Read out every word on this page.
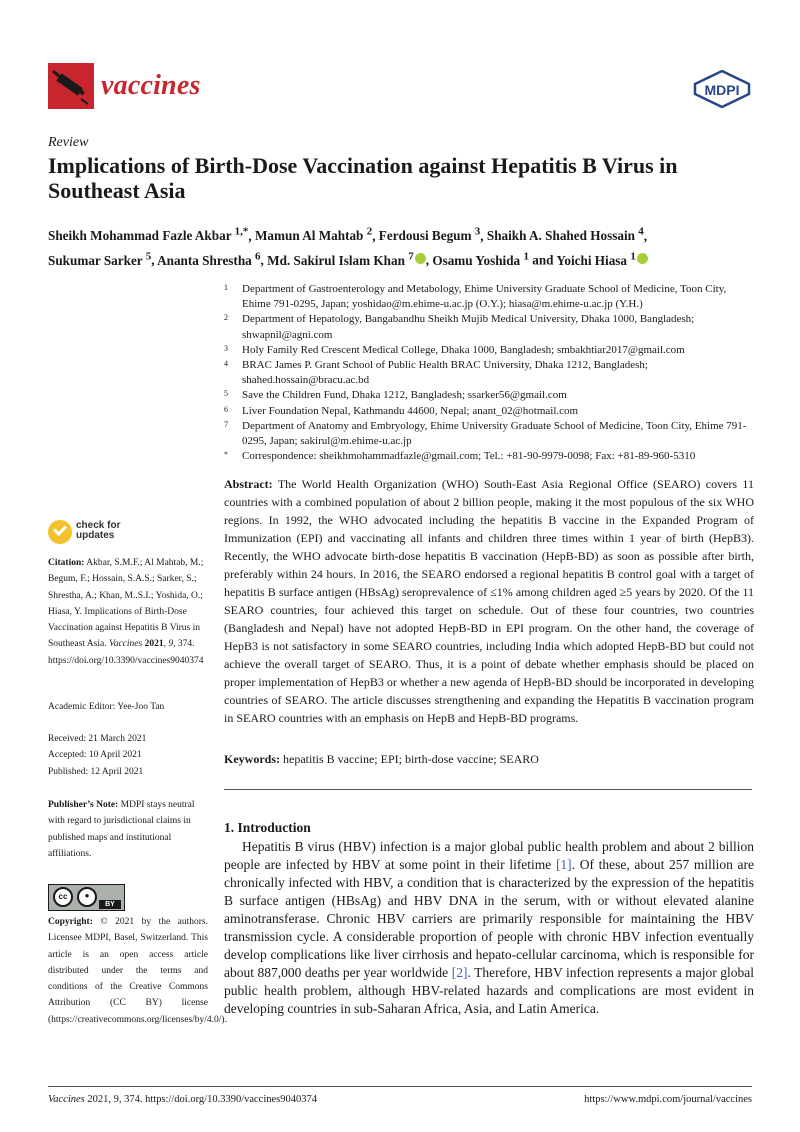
vaccines	MDPI
Review
Implications of Birth-Dose Vaccination against Hepatitis B Virus in Southeast Asia
Sheikh Mohammad Fazle Akbar $^{1,*}$, Mamun Al Mahtab $^2$, Ferdousi Begum $^3$, Shaikh A. Shahed Hossain $^4$,
Sukumar Sarker $^5$, Ananta Shrestha $^6$, Md. Sakirul Islam Khan $^7$ , Osamu Yoshida $^1$ and Yoichi Hiasa $^1$
1 Department of Gastroenterology and Metabology, Ehime University Graduate School of Medicine, Toon City, Ehime 791-0295, Japan; yoshidao@m.ehime-u.ac.jp (O.Y.); hiasa@m.ehime-u.ac.jp (Y.H.)
2 Department of Hepatology, Bangabandhu Sheikh Mujib Medical University, Dhaka 1000, Bangladesh; shwapnil@agni.com
3 Holy Family Red Crescent Medical College, Dhaka 1000, Bangladesh; smbakhtiar2017@gmail.com
4 BRAC James P. Grant School of Public Health BRAC University, Dhaka 1212, Bangladesh; shahed.hossain@bracu.ac.bd
5 Save the Children Fund, Dhaka 1212, Bangladesh; ssarker56@gmail.com
6 Liver Foundation Nepal, Kathmandu 44600, Nepal; anant_02@hotmail.com
7 Department of Anatomy and Embryology, Ehime University Graduate School of Medicine, Toon City, Ehime 791-0295, Japan; sakirul@m.ehime-u.ac.jp
* Correspondence: sheikhmohammadfazle@gmail.com; Tel.: +81-90-9979-0098; Fax: +81-89-960-5310
Abstract: The World Health Organization (WHO) South-East Asia Regional Office (SEARO) covers 11 countries with a combined population of about 2 billion people, making it the most populous of the six WHO regions. In 1992, the WHO advocated including the hepatitis B vaccine in the Expanded Program of Immunization (EPI) and vaccinating all infants and children three times within 1 year of birth (HepB3). Recently, the WHO advocate birth-dose hepatitis B vaccination (HepB-BD) as soon as possible after birth, preferably within 24 hours. In 2016, the SEARO endorsed a regional hepatitis B control goal with a target of hepatitis B surface antigen (HBsAg) seroprevalence of ≤1% among children aged ≥5 years by 2020. Of the 11 SEARO countries, four achieved this target on schedule. Out of these four countries, two countries (Bangladesh and Nepal) have not adopted HepB-BD in EPI program. On the other hand, the coverage of HepB3 is not satisfactory in some SEARO countries, including India which adopted HepB-BD but could not achieve the overall target of SEARO. Thus, it is a point of debate whether emphasis should be placed on proper implementation of HepB3 or whether a new agenda of HepB-BD should be incorporated in developing countries of SEARO. The article discusses strengthening and expanding the Hepatitis B vaccination program in SEARO countries with an emphasis on HepB and HepB-BD programs.
Keywords: hepatitis B vaccine; EPI; birth-dose vaccine; SEARO
1. Introduction

Hepatitis B virus (HBV) infection is a major global public health problem and about 2 billion people are infected by HBV at some point in their lifetime [1]. Of these, about 257 million are chronically infected with HBV, a condition that is characterized by the expression of the hepatitis B surface antigen (HBsAg) and HBV DNA in the serum, with or without elevated alanine aminotransferase. Chronic HBV carriers are primarily responsible for maintaining the HBV transmission cycle. A considerable proportion of people with chronic HBV infection eventually develop complications like liver cirrhosis and hepato-cellular carcinoma, which is responsible for about 887,000 deaths per year worldwide [2]. Therefore, HBV infection represents a major global public health problem, although HBV-related hazards and complications are most evident in developing countries in sub-Saharan Africa, Asia, and Latin America.

check for
updates
Citation: Akbar, S.M.F.; Al Mahtab, M.; Begum, F.; Hossain, S.A.S.; Sarker, S.; Shrestha, A.; Khan, M..S.I.; Yoshida, O.; Hiasa, Y. Implications of Birth-Dose Vaccination against Hepatitis B Virus in Southeast Asia. Vaccines 2021, 9, 374. https://doi.org/10.3390/vaccines9040374
Academic Editor: Yee-Joo Tan
Received: 21 March 2021
Accepted: 10 April 2021
Published: 12 April 2021
Publisher’s Note: MDPI stays neutral with regard to jurisdictional claims in published maps and institutional affiliations.
cc	●
BY
Copyright: © 2021 by the authors. Licensee MDPI, Basel, Switzerland. This article is an open access article distributed under the terms and conditions of the Creative Commons Attribution (CC BY) license (https://creativecommons.org/licenses/by/4.0/).
Vaccines 2021, 9, 374. https://doi.org/10.3390/vaccines9040374	https://www.mdpi.com/journal/vaccines
